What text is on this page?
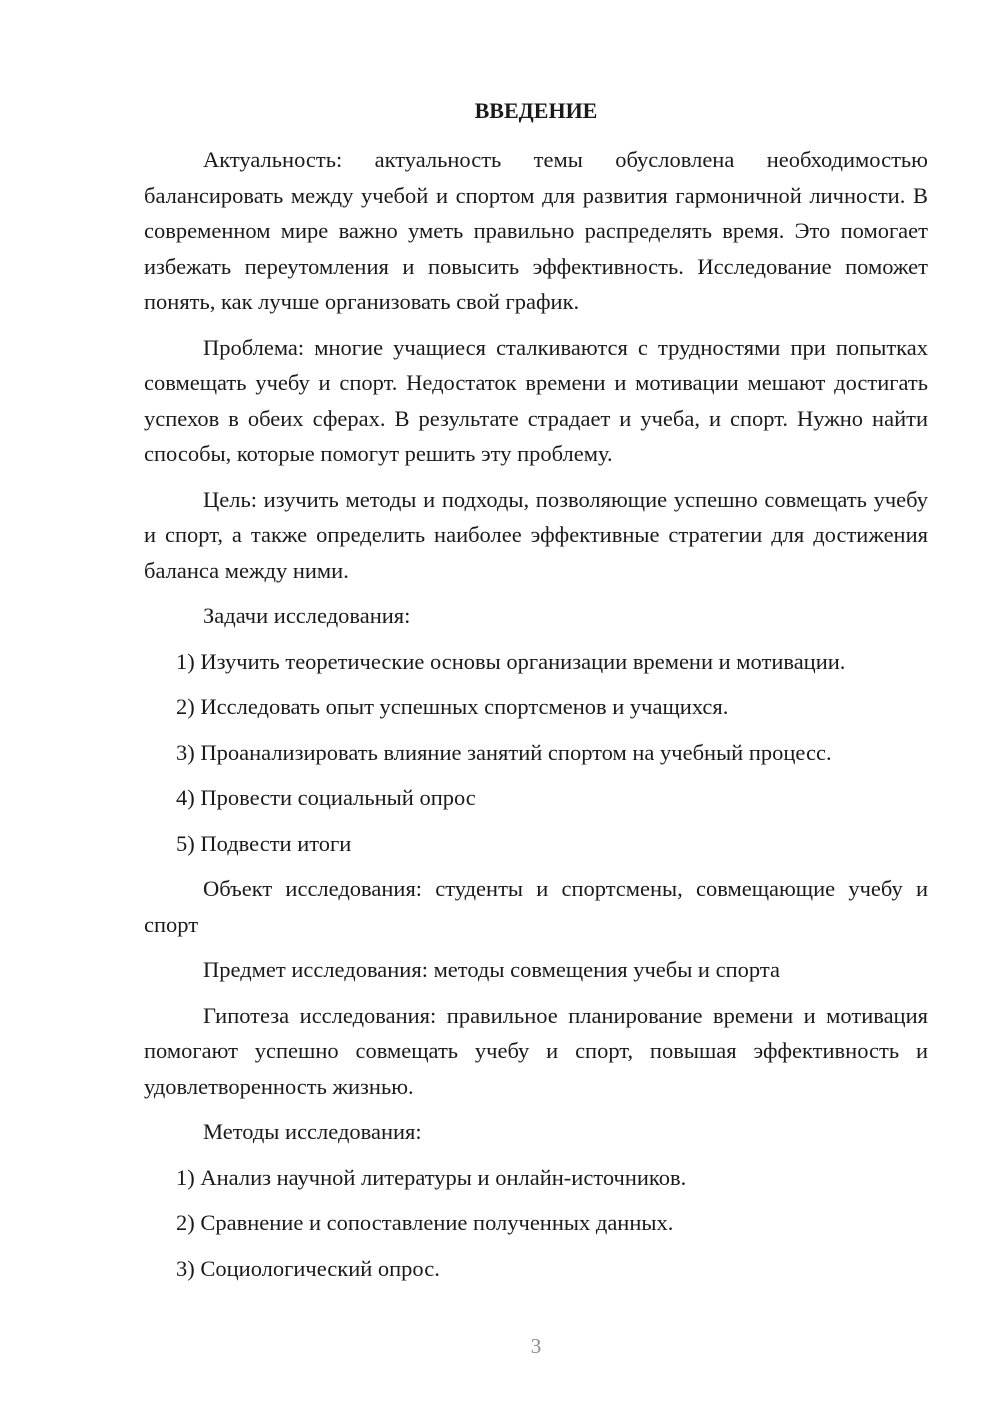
ВВЕДЕНИЕ

Актуальность: актуальность темы обусловлена необходимостью балансировать между учебой и спортом для развития гармоничной личности. В современном мире важно уметь правильно распределять время. Это помогает избежать переутомления и повысить эффективность. Исследование поможет понять, как лучше организовать свой график.

Проблема: многие учащиеся сталкиваются с трудностями при попытках совмещать учебу и спорт. Недостаток времени и мотивации мешают достигать успехов в обеих сферах. В результате страдает и учеба, и спорт. Нужно найти способы, которые помогут решить эту проблему.

Цель: изучить методы и подходы, позволяющие успешно совмещать учебу и спорт, а также определить наиболее эффективные стратегии для достижения баланса между ними.

Задачи исследования:

1) Изучить теоретические основы организации времени и мотивации.

2) Исследовать опыт успешных спортсменов и учащихся.

3) Проанализировать влияние занятий спортом на учебный процесс.

4) Провести социальный опрос

5) Подвести итоги

Объект исследования: студенты и спортсмены, совмещающие учебу и спорт

Предмет исследования: методы совмещения учебы и спорта

Гипотеза исследования: правильное планирование времени и мотивация помогают успешно совмещать учебу и спорт, повышая эффективность и удовлетворенность жизнью.

Методы исследования:

1) Анализ научной литературы и онлайн-источников.

2) Сравнение и сопоставление полученных данных.

3) Социологический опрос.

3
